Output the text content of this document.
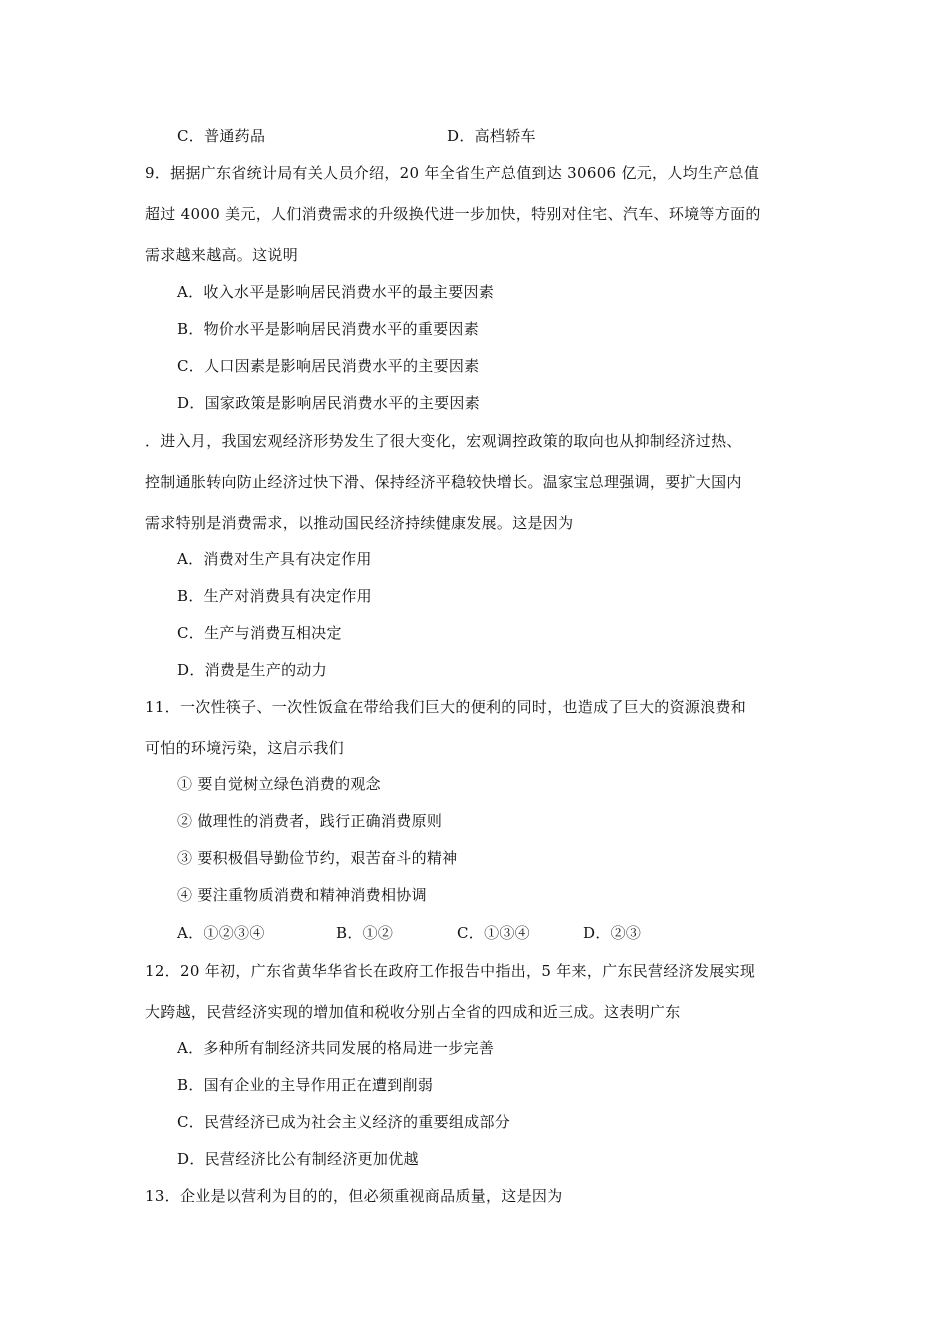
C．普通药品	D．高档轿车
9．据据广东省统计局有关人员介绍，20 年全省生产总值到达 30606 亿元，人均生产总值
超过 4000 美元，人们消费需求的升级换代进一步加快，特别对住宅、汽车、环境等方面的
需求越来越高。这说明
A．收入水平是影响居民消费水平的最主要因素
B．物价水平是影响居民消费水平的重要因素
C．人口因素是影响居民消费水平的主要因素
D．国家政策是影响居民消费水平的主要因素
．进入月，我国宏观经济形势发生了很大变化，宏观调控政策的取向也从抑制经济过热、
控制通胀转向防止经济过快下滑、保持经济平稳较快增长。温家宝总理强调，要扩大国内
需求特别是消费需求，以推动国民经济持续健康发展。这是因为
A．消费对生产具有决定作用
B．生产对消费具有决定作用
C．生产与消费互相决定
D．消费是生产的动力
11．一次性筷子、一次性饭盒在带给我们巨大的便利的同时，也造成了巨大的资源浪费和
可怕的环境污染，这启示我们
① 要自觉树立绿色消费的观念
② 做理性的消费者，践行正确消费原则
③ 要积极倡导勤俭节约，艰苦奋斗的精神
④ 要注重物质消费和精神消费相协调
A．①②③④	B．①②	C．①③④	D．②③
12．20 年初，广东省黄华华省长在政府工作报告中指出，5 年来，广东民营经济发展实现
大跨越，民营经济实现的增加值和税收分别占全省的四成和近三成。这表明广东
A．多种所有制经济共同发展的格局进一步完善
B．国有企业的主导作用正在遭到削弱
C．民营经济已成为社会主义经济的重要组成部分
D．民营经济比公有制经济更加优越
13．企业是以营利为目的的，但必须重视商品质量，这是因为
